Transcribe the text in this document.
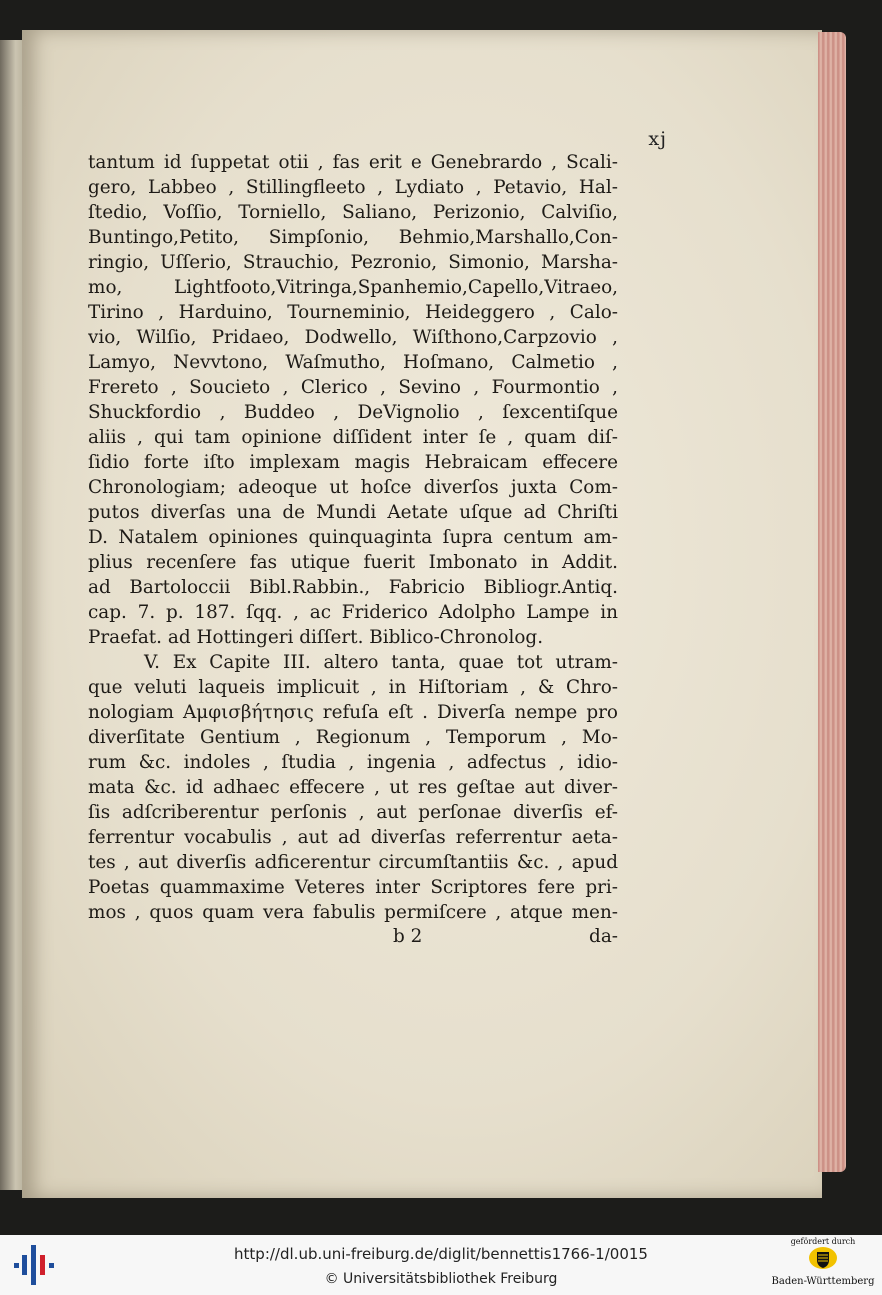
xj
tantum id ſuppetat otii , fas erit e Genebrardo , Scali-
gero, Labbeo , Stillingfleeto , Lydiato , Petavio, Hal-
ſtedio, Voſſio, Torniello, Saliano, Perizonio, Calviſio,
Buntingo,Petito, Simpſonio, Behmio,Marshallo,Con-
ringio, Uſſerio, Strauchio, Pezronio, Simonio, Marsha-
mo, Lightfooto,Vitringa,Spanhemio,Capello,Vitraeo,
Tirino , Harduino, Tourneminio, Heideggero , Calo-
vio, Wilſio, Pridaeo, Dodwello, Wiſthono,Carpzovio ,
Lamyo, Nevvtono, Waſmutho, Hoſmano, Calmetio ,
Frereto , Soucieto , Clerico , Sevino , Fourmontio ,
Shuckfordio , Buddeo , DeVignolio , ſexcentiſque
aliis , qui tam opinione diſſident inter ſe , quam diſ-
ſidio forte iſto implexam magis Hebraicam effecere
Chronologiam; adeoque ut hoſce diverſos juxta Com-
putos diverſas una de Mundi Aetate uſque ad Chriſti
D. Natalem opiniones quinquaginta ſupra centum am-
plius recenſere fas utique fuerit Imbonato in Addit.
ad Bartoloccii Bibl.Rabbin., Fabricio Bibliogr.Antiq.
cap. 7. p. 187. ſqq. , ac Friderico Adolpho Lampe in
Praefat. ad Hottingeri diſſert. Biblico-Chronolog.
V. Ex Capite III. altero tanta, quae tot utram-
que veluti laqueis implicuit , in Hiſtoriam , & Chro-
nologiam Αμφισβήτησις refuſa eſt . Diverſa nempe pro
diverſitate Gentium , Regionum , Temporum , Mo-
rum &c. indoles , ſtudia , ingenia , adfectus , idio-
mata &c. id adhaec effecere , ut res geſtae aut diver-
ſis adſcriberentur perſonis , aut perſonae diverſis ef-
ferrentur vocabulis , aut ad diverſas referrentur aeta-
tes , aut diverſis adficerentur circumſtantiis &c. , apud
Poetas quammaxime Veteres inter Scriptores fere pri-
mos , quos quam vera fabulis permiſcere , atque men-
b 2	da-
http://dl.ub.uni-freiburg.de/diglit/bennettis1766-1/0015
© Universitätsbibliothek Freiburg
gefördert durch
Baden-Württemberg
